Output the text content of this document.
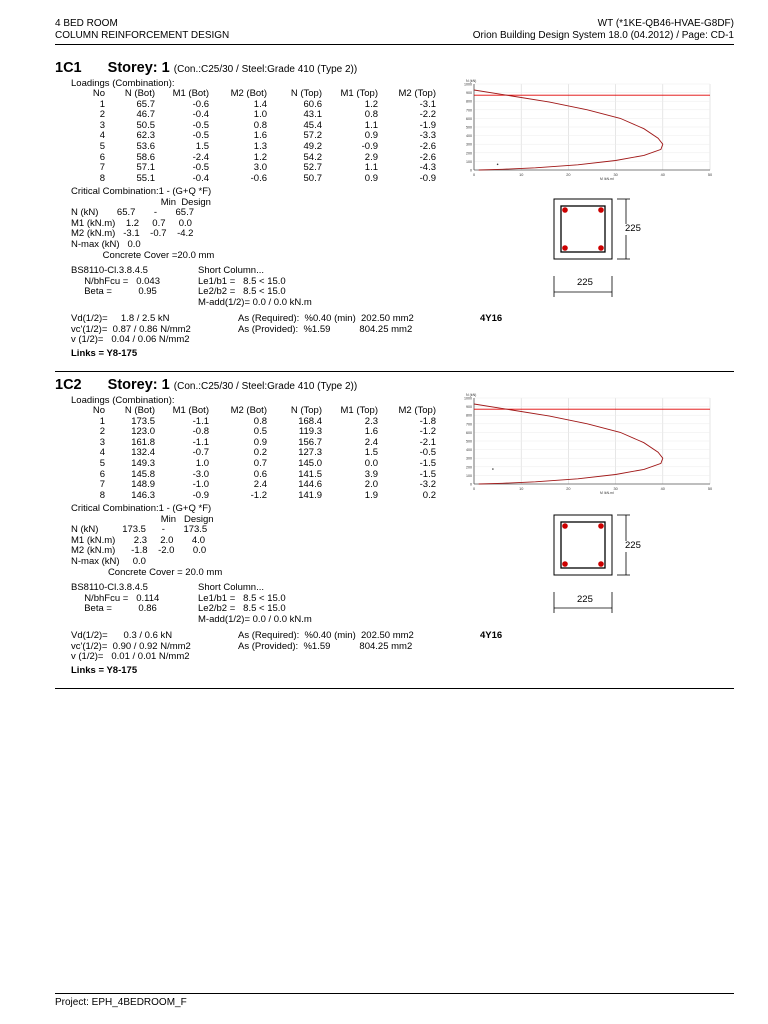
4 BED ROOM
COLUMN REINFORCEMENT DESIGN
WT (*1KE-QB46-HVAE-G8DF)
Orion Building Design System 18.0 (04.2012) / Page: CD-1
1C1 Storey: 1 (Con.:C25/30 / Steel:Grade 410 (Type 2))
Loadings (Combination):
No	N (Bot)	M1 (Bot)	M2 (Bot)	N (Top)	M1 (Top)	M2 (Top)
1	65.7	-0.6	1.4	60.6	1.2	-3.1
2	46.7	-0.4	1.0	43.1	0.8	-2.2
3	50.5	-0.5	0.8	45.4	1.1	-1.9
4	62.3	-0.5	1.6	57.2	0.9	-3.3
5	53.6	1.5	1.3	49.2	-0.9	-2.6
6	58.6	-2.4	1.2	54.2	2.9	-2.6
7	57.1	-0.5	3.0	52.7	1.1	-4.3
8	55.1	-0.4	-0.6	50.7	0.9	-0.9
Critical Combination:1 - (G+Q *F)
Min  Design
N (kN)       65.7       -       65.7
M1 (kN.m)    1.2     0.7     0.0
M2 (kN.m)   -3.1    -0.7    -4.2
N-max (kN)   0.0
Concrete Cover =20.0 mm
BS8110-Cl.3.8.4.5
N/bhFcu =   0.043
Beta =          0.95
Short Column...
Le1/b1 =   8.5 < 15.0
Le2/b2 =   8.5 < 15.0
M-add(1/2)= 0.0 / 0.0 kN.m
Vd(1/2)=     1.8 / 2.5 kN
vc'(1/2)=  0.87 / 0.86 N/mm2
v (1/2)=   0.04 / 0.06 N/mm2
As (Required):  %0.40 (min)  202.50 mm2
As (Provided):  %1.59           804.25 mm2
4Y16
Links = Y8-175
0
100
200
300
400
500
600
700
800
900
1000
0	10	20	30	40	50
N (kN)
M (kN.m)
225
225
1C2 Storey: 1 (Con.:C25/30 / Steel:Grade 410 (Type 2))
Loadings (Combination):
No	N (Bot)	M1 (Bot)	M2 (Bot)	N (Top)	M1 (Top)	M2 (Top)
1	173.5	-1.1	0.8	168.4	2.3	-1.8
2	123.0	-0.8	0.5	119.3	1.6	-1.2
3	161.8	-1.1	0.9	156.7	2.4	-2.1
4	132.4	-0.7	0.2	127.3	1.5	-0.5
5	149.3	1.0	0.7	145.0	0.0	-1.5
6	145.8	-3.0	0.6	141.5	3.9	-1.5
7	148.9	-1.0	2.4	144.6	2.0	-3.2
8	146.3	-0.9	-1.2	141.9	1.9	0.2
Critical Combination:1 - (G+Q *F)
Min   Design
N (kN)         173.5      -       173.5
M1 (kN.m)       2.3     2.0       4.0
M2 (kN.m)      -1.8    -2.0       0.0
N-max (kN)     0.0
Concrete Cover = 20.0 mm
BS8110-Cl.3.8.4.5
N/bhFcu =   0.114
Beta =          0.86
Short Column...
Le1/b1 =   8.5 < 15.0
Le2/b2 =   8.5 < 15.0
M-add(1/2)= 0.0 / 0.0 kN.m
Vd(1/2)=      0.3 / 0.6 kN
vc'(1/2)=  0.90 / 0.92 N/mm2
v (1/2)=   0.01 / 0.01 N/mm2
As (Required):  %0.40 (min)  202.50 mm2
As (Provided):  %1.59           804.25 mm2
4Y16
Links = Y8-175
0
100
200
300
400
500
600
700
800
900
1000
0	10	20	30	40	50
N (kN)
M (kN.m)
225
225
Project: EPH_4BEDROOM_F
